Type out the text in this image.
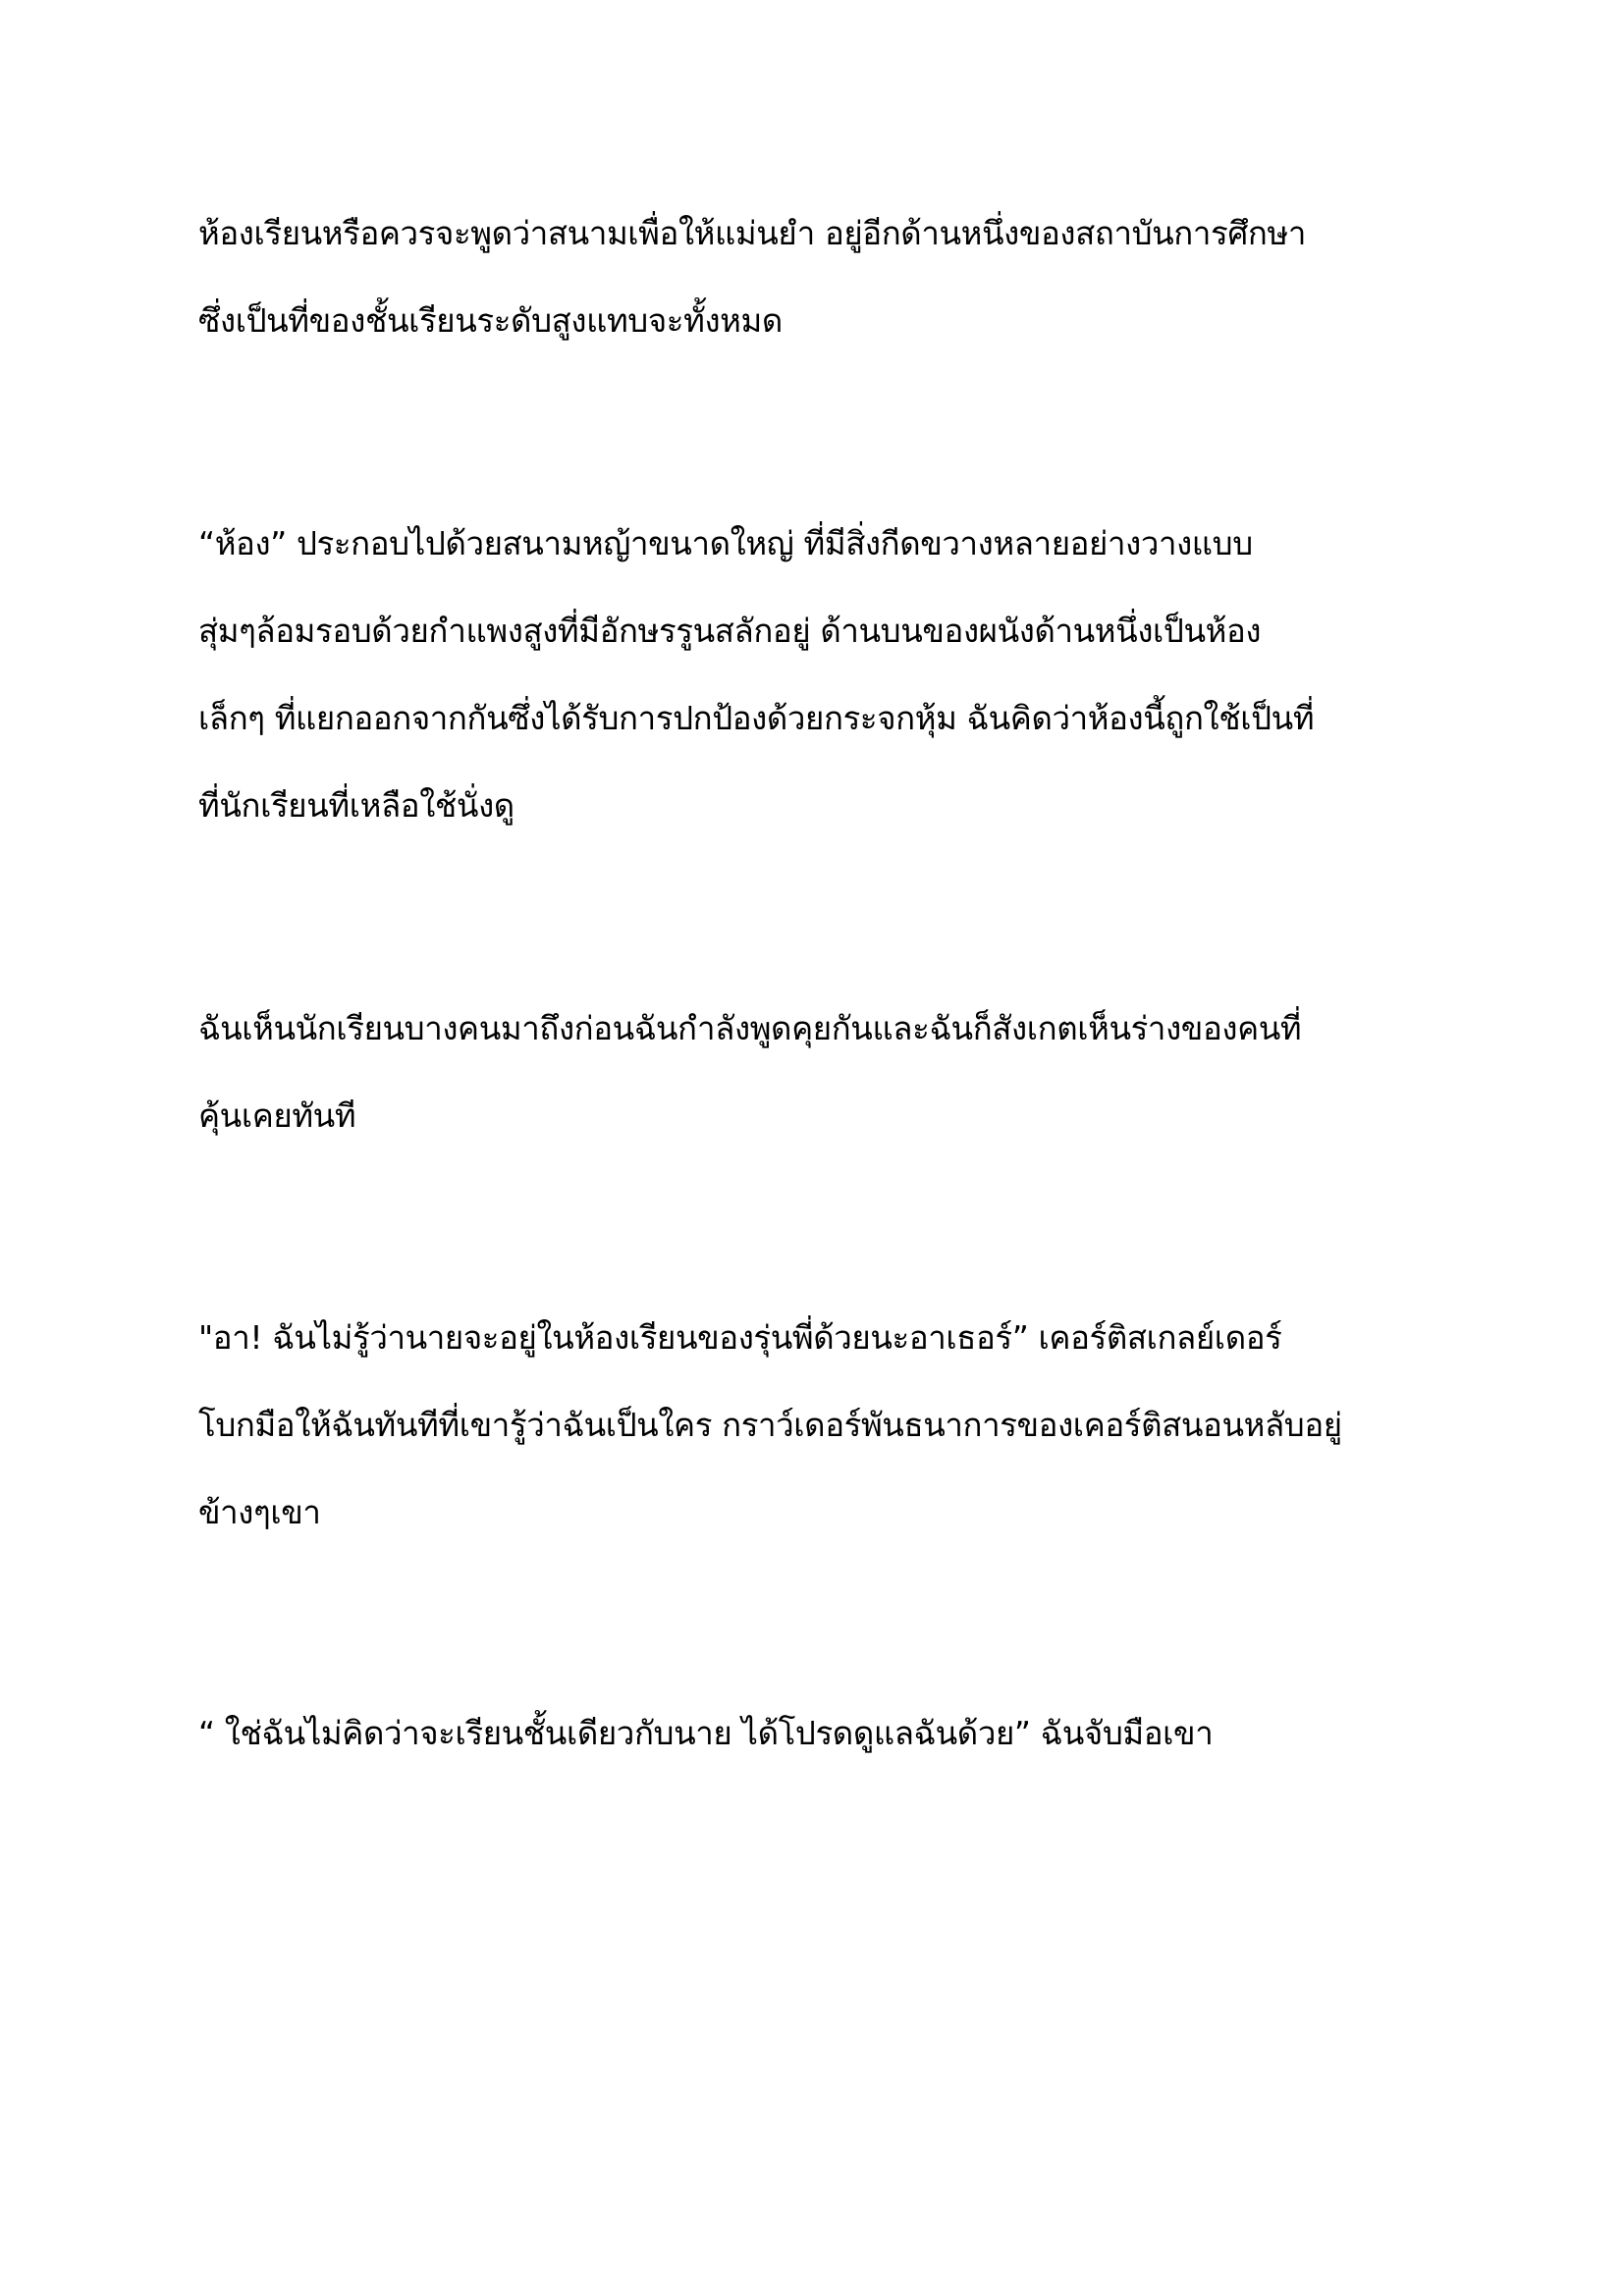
ห้องเรียนหรือควรจะพูดว่าสนามเพื่อให้แม่นยำ อยู่อีกด้านหนึ่งของสถาบันการศึกษา
ซึ่งเป็นที่ของชั้นเรียนระดับสูงแทบจะทั้งหมด
“ห้อง” ประกอบไปด้วยสนามหญ้าขนาดใหญ่ ที่มีสิ่งกีดขวางหลายอย่างวางแบบ
สุ่มๆล้อมรอบด้วยกำแพงสูงที่มีอักษรรูนสลักอยู่ ด้านบนของผนังด้านหนึ่งเป็นห้อง
เล็กๆ ที่แยกออกจากกันซึ่งได้รับการปกป้องด้วยกระจกหุ้ม ฉันคิดว่าห้องนี้ถูกใช้เป็นที่
ที่นักเรียนที่เหลือใช้นั่งดู
ฉันเห็นนักเรียนบางคนมาถึงก่อนฉันกำลังพูดคุยกันและฉันก็สังเกตเห็นร่างของคนที่
คุ้นเคยทันที
"อา! ฉันไม่รู้ว่านายจะอยู่ในห้องเรียนของรุ่นพี่ด้วยนะอาเธอร์” เคอร์ติสเกลย์เดอร์
โบกมือให้ฉันทันทีที่เขารู้ว่าฉันเป็นใคร กราว์เดอร์พันธนาการของเคอร์ติสนอนหลับอยู่
ข้างๆเขา
“ ใช่ฉันไม่คิดว่าจะเรียนชั้นเดียวกับนาย ได้โปรดดูแลฉันด้วย” ฉันจับมือเขา
